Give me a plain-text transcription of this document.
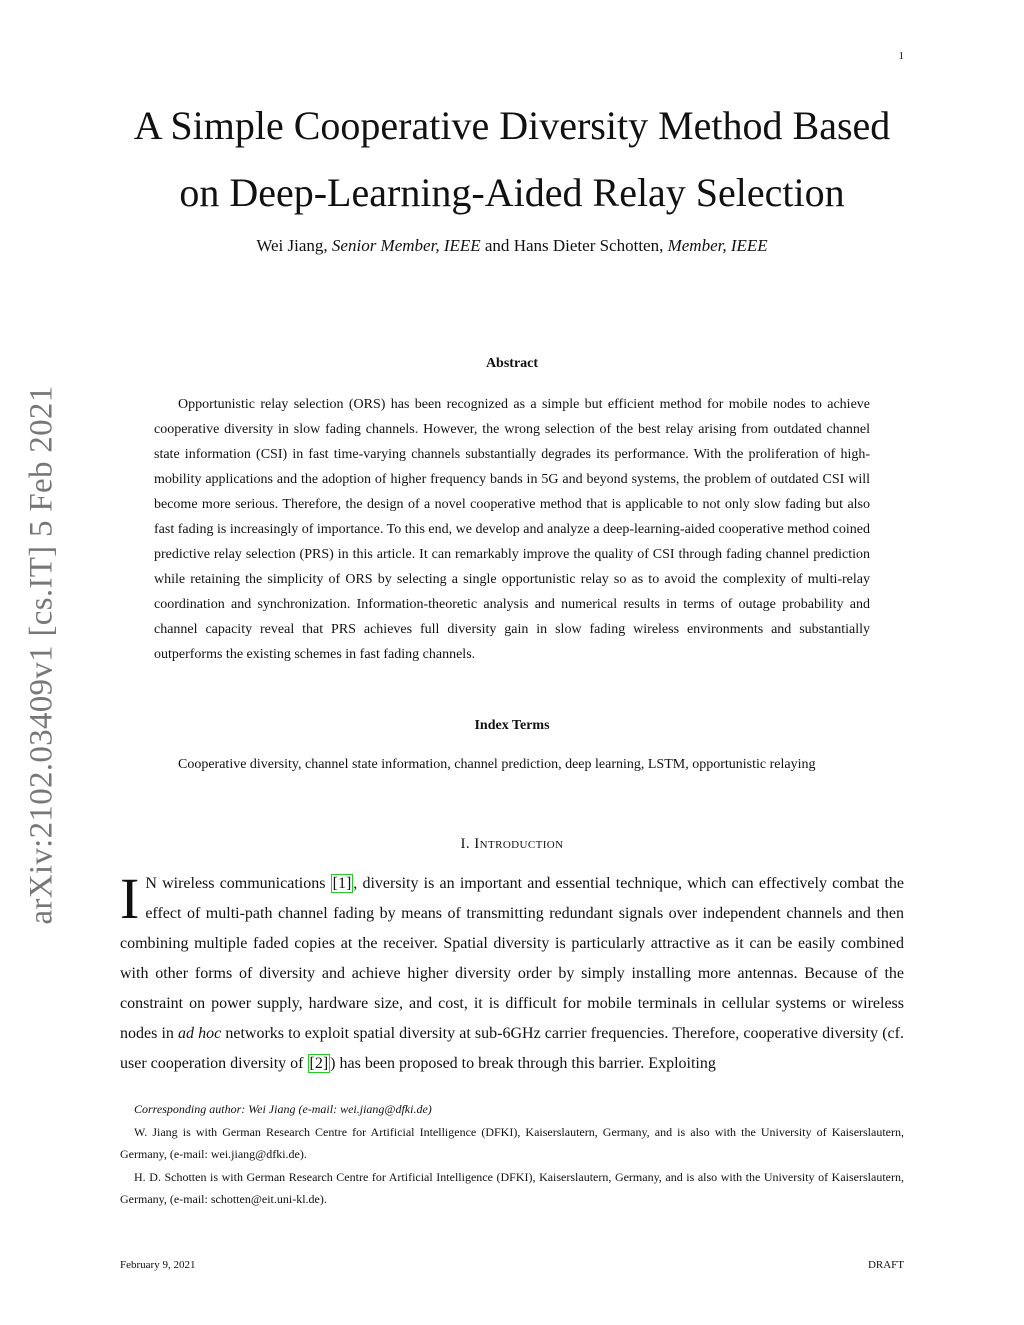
1
arXiv:2102.03409v1 [cs.IT] 5 Feb 2021
A Simple Cooperative Diversity Method Based
on Deep-Learning-Aided Relay Selection
Wei Jiang, Senior Member, IEEE and Hans Dieter Schotten, Member, IEEE
Abstract

Opportunistic relay selection (ORS) has been recognized as a simple but efficient method for mobile nodes to achieve cooperative diversity in slow fading channels. However, the wrong selection of the best relay arising from outdated channel state information (CSI) in fast time-varying channels substantially degrades its performance. With the proliferation of high-mobility applications and the adoption of higher frequency bands in 5G and beyond systems, the problem of outdated CSI will become more serious. Therefore, the design of a novel cooperative method that is applicable to not only slow fading but also fast fading is increasingly of importance. To this end, we develop and analyze a deep-learning-aided cooperative method coined predictive relay selection (PRS) in this article. It can remarkably improve the quality of CSI through fading channel prediction while retaining the simplicity of ORS by selecting a single opportunistic relay so as to avoid the complexity of multi-relay coordination and synchronization. Information-theoretic analysis and numerical results in terms of outage probability and channel capacity reveal that PRS achieves full diversity gain in slow fading wireless environments and substantially outperforms the existing schemes in fast fading channels.

Index Terms

Cooperative diversity, channel state information, channel prediction, deep learning, LSTM, opportunistic relaying

I. Introduction

I N wireless communications [1] , diversity is an important and essential technique, which can effectively combat the effect of multi-path channel fading by means of transmitting redundant signals over independent channels and then combining multiple faded copies at the receiver. Spatial diversity is particularly attractive as it can be easily combined with other forms of diversity and achieve higher diversity order by simply installing more antennas. Because of the constraint on power supply, hardware size, and cost, it is difficult for mobile terminals in cellular systems or wireless nodes in ad hoc networks to exploit spatial diversity at sub-6GHz carrier frequencies. Therefore, cooperative diversity (cf. user cooperation diversity of [2] ) has been proposed to break through this barrier. Exploiting

Corresponding author: Wei Jiang (e-mail: wei.jiang@dfki.de)

W. Jiang is with German Research Centre for Artificial Intelligence (DFKI), Kaiserslautern, Germany, and is also with the University of Kaiserslautern, Germany, (e-mail: wei.jiang@dfki.de).

H. D. Schotten is with German Research Centre for Artificial Intelligence (DFKI), Kaiserslautern, Germany, and is also with the University of Kaiserslautern, Germany, (e-mail: schotten@eit.uni-kl.de).

February 9, 2021	DRAFT
